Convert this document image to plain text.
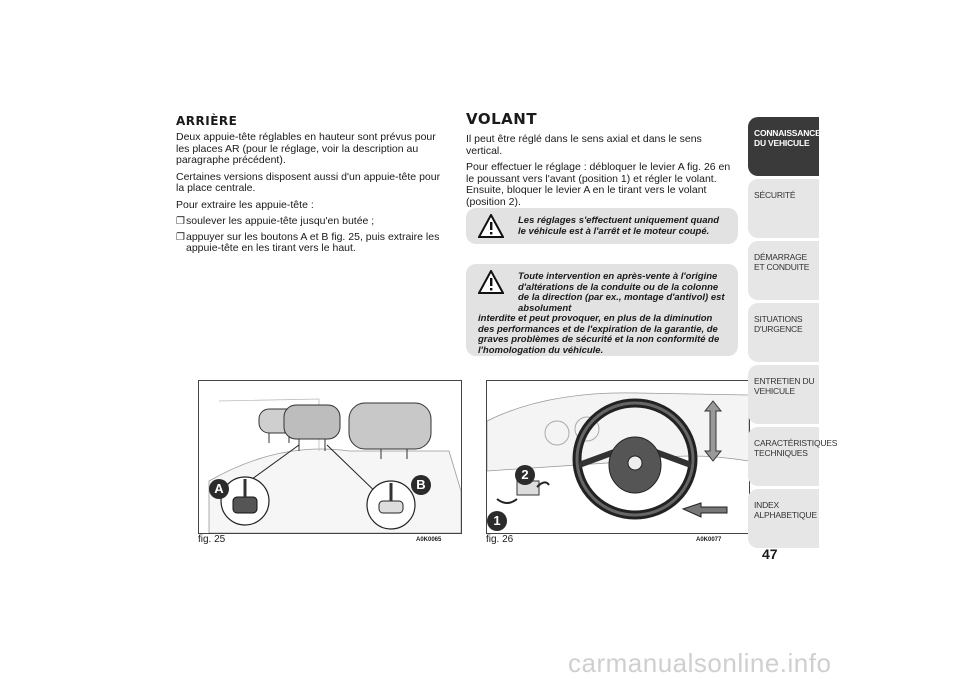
ARRIÈRE

Deux appuie-tête réglables en hauteur sont prévus pour les places AR (pour le réglage, voir la description au paragraphe précédent).

Certaines versions disposent aussi d'un appuie-tête pour la place centrale.

Pour extraire les appuie-tête :

❐ soulever les appuie-tête jusqu'en butée ;
❐ appuyer sur les boutons A et B fig. 25, puis extraire les appuie-tête en les tirant vers le haut.
VOLANT

Il peut être réglé dans le sens axial et dans le sens vertical.

Pour effectuer le réglage : débloquer le levier A fig. 26 en le poussant vers l'avant (position 1) et régler le volant. Ensuite, bloquer le levier A en le tirant vers le volant (position 2).

Les réglages s'effectuent uniquement quand le véhicule est à l'arrêt et le moteur coupé.
Toute intervention en après-vente à l'origine d'altérations de la conduite ou de la colonne de la direction (par ex., montage d'antivol) est absolument
interdite et peut provoquer, en plus de la diminution des performances et de l'expiration de la garantie, de graves problèmes de sécurité et la non conformité de l'homologation du véhicule.
A	B
fig. 25	A0K0065
1
2
fig. 26	A0K0077
CONNAISSANCE DU VEHICULE
SÉCURITÉ
DÉMARRAGE ET CONDUITE
SITUATIONS D'URGENCE
ENTRETIEN DU VEHICULE
CARACTÉRISTIQUES TECHNIQUES
INDEX ALPHABETIQUE
47
carmanualsonline.info
